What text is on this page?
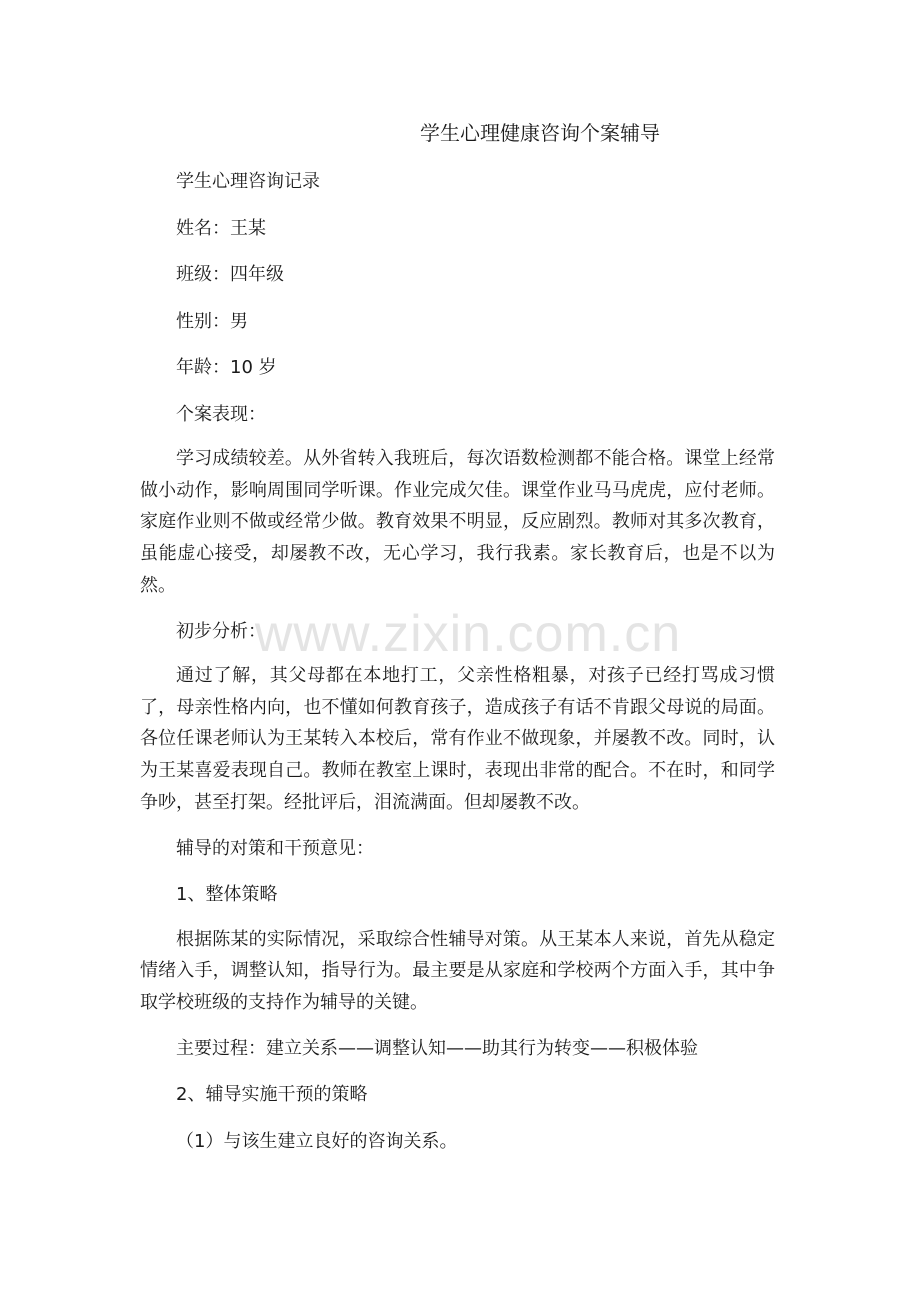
学生心理健康咨询个案辅导

学生心理咨询记录

姓名：王某

班级：四年级

性别：男

年龄：10 岁

个案表现：

学习成绩较差。从外省转入我班后，每次语数检测都不能合格。课堂上经常做小动作，影响周围同学听课。作业完成欠佳。课堂作业马马虎虎，应付老师。家庭作业则不做或经常少做。教育效果不明显，反应剧烈。教师对其多次教育，虽能虚心接受，却屡教不改，无心学习，我行我素。家长教育后，也是不以为然。

初步分析：

通过了解，其父母都在本地打工，父亲性格粗暴，对孩子已经打骂成习惯了，母亲性格内向，也不懂如何教育孩子，造成孩子有话不肯跟父母说的局面。各位任课老师认为王某转入本校后，常有作业不做现象，并屡教不改。同时，认为王某喜爱表现自己。教师在教室上课时，表现出非常的配合。不在时，和同学争吵，甚至打架。经批评后，泪流满面。但却屡教不改。

辅导的对策和干预意见：

1、整体策略

根据陈某的实际情况，采取综合性辅导对策。从王某本人来说，首先从稳定情绪入手，调整认知，指导行为。最主要是从家庭和学校两个方面入手，其中争取学校班级的支持作为辅导的关键。

主要过程：建立关系——调整认知——助其行为转变——积极体验

2、辅导实施干预的策略

（1）与该生建立良好的咨询关系。

www.zixin.com.cn
